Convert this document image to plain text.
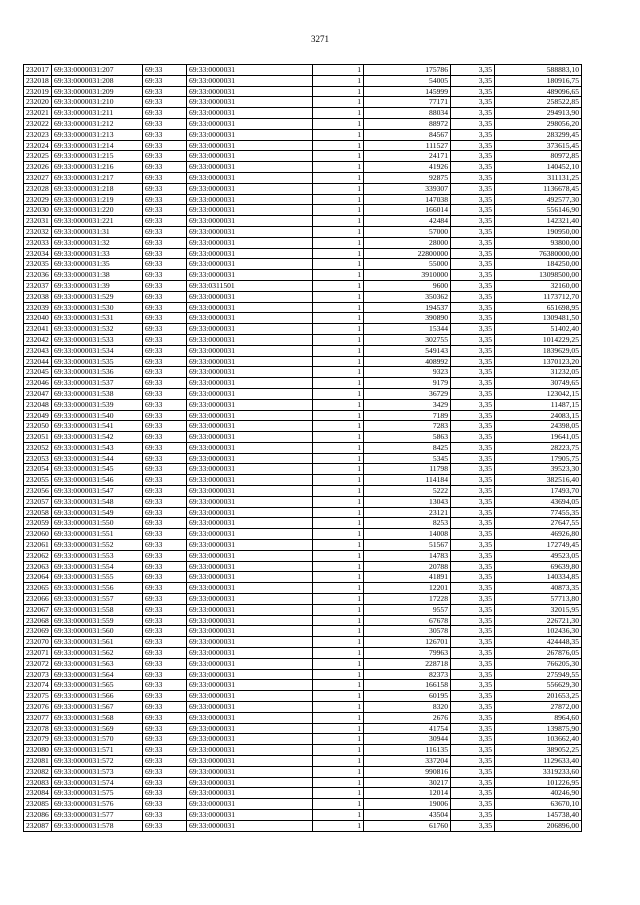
3271
232017	69:33:0000031:207	69:33	69:33:0000031	1	175786	3,35	588883,10
232018	69:33:0000031:208	69:33	69:33:0000031	1	54005	3,35	180916,75
232019	69:33:0000031:209	69:33	69:33:0000031	1	145999	3,35	489096,65
232020	69:33:0000031:210	69:33	69:33:0000031	1	77171	3,35	258522,85
232021	69:33:0000031:211	69:33	69:33:0000031	1	88034	3,35	294913,90
232022	69:33:0000031:212	69:33	69:33:0000031	1	88972	3,35	298056,20
232023	69:33:0000031:213	69:33	69:33:0000031	1	84567	3,35	283299,45
232024	69:33:0000031:214	69:33	69:33:0000031	1	111527	3,35	373615,45
232025	69:33:0000031:215	69:33	69:33:0000031	1	24171	3,35	80972,85
232026	69:33:0000031:216	69:33	69:33:0000031	1	41926	3,35	140452,10
232027	69:33:0000031:217	69:33	69:33:0000031	1	92875	3,35	311131,25
232028	69:33:0000031:218	69:33	69:33:0000031	1	339307	3,35	1136678,45
232029	69:33:0000031:219	69:33	69:33:0000031	1	147038	3,35	492577,30
232030	69:33:0000031:220	69:33	69:33:0000031	1	166014	3,35	556146,90
232031	69:33:0000031:221	69:33	69:33:0000031	1	42484	3,35	142321,40
232032	69:33:0000031:31	69:33	69:33:0000031	1	57000	3,35	190950,00
232033	69:33:0000031:32	69:33	69:33:0000031	1	28000	3,35	93800,00
232034	69:33:0000031:33	69:33	69:33:0000031	1	22800000	3,35	76380000,00
232035	69:33:0000031:35	69:33	69:33:0000031	1	55000	3,35	184250,00
232036	69:33:0000031:38	69:33	69:33:0000031	1	3910000	3,35	13098500,00
232037	69:33:0000031:39	69:33	69:33:0311501	1	9600	3,35	32160,00
232038	69:33:0000031:529	69:33	69:33:0000031	1	350362	3,35	1173712,70
232039	69:33:0000031:530	69:33	69:33:0000031	1	194537	3,35	651698,95
232040	69:33:0000031:531	69:33	69:33:0000031	1	390890	3,35	1309481,50
232041	69:33:0000031:532	69:33	69:33:0000031	1	15344	3,35	51402,40
232042	69:33:0000031:533	69:33	69:33:0000031	1	302755	3,35	1014229,25
232043	69:33:0000031:534	69:33	69:33:0000031	1	549143	3,35	1839629,05
232044	69:33:0000031:535	69:33	69:33:0000031	1	408992	3,35	1370123,20
232045	69:33:0000031:536	69:33	69:33:0000031	1	9323	3,35	31232,05
232046	69:33:0000031:537	69:33	69:33:0000031	1	9179	3,35	30749,65
232047	69:33:0000031:538	69:33	69:33:0000031	1	36729	3,35	123042,15
232048	69:33:0000031:539	69:33	69:33:0000031	1	3429	3,35	11487,15
232049	69:33:0000031:540	69:33	69:33:0000031	1	7189	3,35	24083,15
232050	69:33:0000031:541	69:33	69:33:0000031	1	7283	3,35	24398,05
232051	69:33:0000031:542	69:33	69:33:0000031	1	5863	3,35	19641,05
232052	69:33:0000031:543	69:33	69:33:0000031	1	8425	3,35	28223,75
232053	69:33:0000031:544	69:33	69:33:0000031	1	5345	3,35	17905,75
232054	69:33:0000031:545	69:33	69:33:0000031	1	11798	3,35	39523,30
232055	69:33:0000031:546	69:33	69:33:0000031	1	114184	3,35	382516,40
232056	69:33:0000031:547	69:33	69:33:0000031	1	5222	3,35	17493,70
232057	69:33:0000031:548	69:33	69:33:0000031	1	13043	3,35	43694,05
232058	69:33:0000031:549	69:33	69:33:0000031	1	23121	3,35	77455,35
232059	69:33:0000031:550	69:33	69:33:0000031	1	8253	3,35	27647,55
232060	69:33:0000031:551	69:33	69:33:0000031	1	14008	3,35	46926,80
232061	69:33:0000031:552	69:33	69:33:0000031	1	51567	3,35	172749,45
232062	69:33:0000031:553	69:33	69:33:0000031	1	14783	3,35	49523,05
232063	69:33:0000031:554	69:33	69:33:0000031	1	20788	3,35	69639,80
232064	69:33:0000031:555	69:33	69:33:0000031	1	41891	3,35	140334,85
232065	69:33:0000031:556	69:33	69:33:0000031	1	12201	3,35	40873,35
232066	69:33:0000031:557	69:33	69:33:0000031	1	17228	3,35	57713,80
232067	69:33:0000031:558	69:33	69:33:0000031	1	9557	3,35	32015,95
232068	69:33:0000031:559	69:33	69:33:0000031	1	67678	3,35	226721,30
232069	69:33:0000031:560	69:33	69:33:0000031	1	30578	3,35	102436,30
232070	69:33:0000031:561	69:33	69:33:0000031	1	126701	3,35	424448,35
232071	69:33:0000031:562	69:33	69:33:0000031	1	79963	3,35	267876,05
232072	69:33:0000031:563	69:33	69:33:0000031	1	228718	3,35	766205,30
232073	69:33:0000031:564	69:33	69:33:0000031	1	82373	3,35	275949,55
232074	69:33:0000031:565	69:33	69:33:0000031	1	166158	3,35	556629,30
232075	69:33:0000031:566	69:33	69:33:0000031	1	60195	3,35	201653,25
232076	69:33:0000031:567	69:33	69:33:0000031	1	8320	3,35	27872,00
232077	69:33:0000031:568	69:33	69:33:0000031	1	2676	3,35	8964,60
232078	69:33:0000031:569	69:33	69:33:0000031	1	41754	3,35	139875,90
232079	69:33:0000031:570	69:33	69:33:0000031	1	30944	3,35	103662,40
232080	69:33:0000031:571	69:33	69:33:0000031	1	116135	3,35	389052,25
232081	69:33:0000031:572	69:33	69:33:0000031	1	337204	3,35	1129633,40
232082	69:33:0000031:573	69:33	69:33:0000031	1	990816	3,35	3319233,60
232083	69:33:0000031:574	69:33	69:33:0000031	1	30217	3,35	101226,95
232084	69:33:0000031:575	69:33	69:33:0000031	1	12014	3,35	40246,90
232085	69:33:0000031:576	69:33	69:33:0000031	1	19006	3,35	63670,10
232086	69:33:0000031:577	69:33	69:33:0000031	1	43504	3,35	145738,40
232087	69:33:0000031:578	69:33	69:33:0000031	1	61760	3,35	206896,00
